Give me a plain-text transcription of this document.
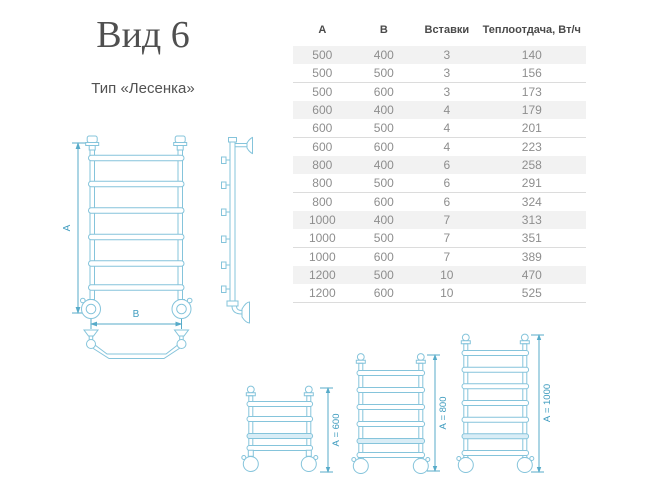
Вид 6
Тип «Лесенка»
А	В	Вставки	Теплоотдача, Вт/ч
500	400	3	140
500	500	3	156
500	600	3	173
600	400	4	179
600	500	4	201
600	600	4	223
800	400	6	258
800	500	6	291
800	600	6	324
1000	400	7	313
1000	500	7	351
1000	600	7	389
1200	500	10	470
1200	600	10	525
А
В
А = 600
А = 800	А = 1000
